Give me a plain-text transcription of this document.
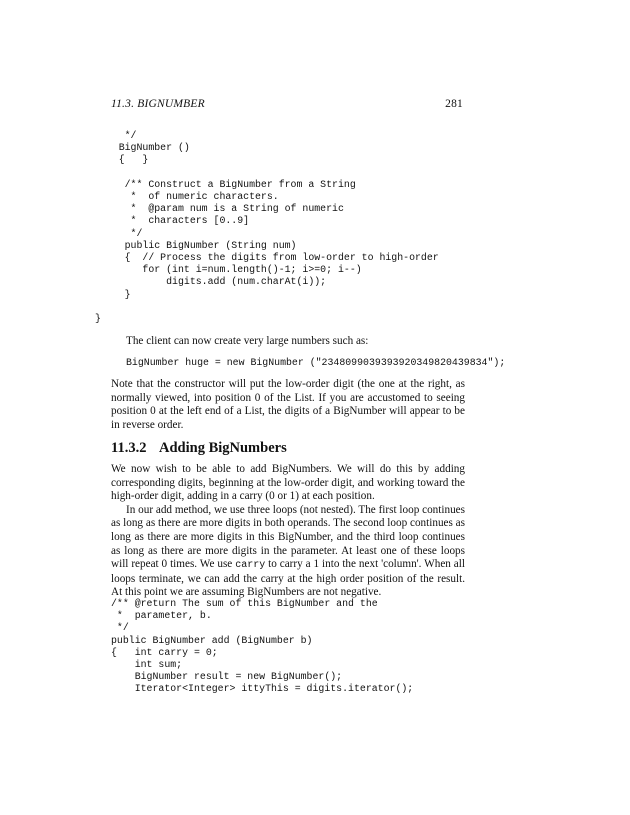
11.3. BIGNUMBER	281
*/
BigNumber ()
{   }

/** Construct a BigNumber from a String
*  of numeric characters.
*  @param num is a String of numeric
*  characters [0..9]
*/
public BigNumber (String num)
{  // Process the digits from low-order to high-order
for (int i=num.length()-1; i>=0; i--)
digits.add (num.charAt(i));
}

}

The client can now create very large numbers such as:

BigNumber huge = new BigNumber ("2348099039393920349820439834");

Note that the constructor will put the low-order digit (the one at the right, as normally viewed, into position 0 of the List. If you are accustomed to seeing position 0 at the left end of a List, the digits of a BigNumber will appear to be in reverse order.

11.3.2 Adding BigNumbers

We now wish to be able to add BigNumbers. We will do this by adding corresponding digits, beginning at the low-order digit, and working toward the high-order digit, adding in a carry (0 or 1) at each position.

In our add method, we use three loops (not nested). The first loop continues as long as there are more digits in both operands. The second loop continues as long as there are more digits in this BigNumber, and the third loop continues as long as there are more digits in the parameter. At least one of these loops will repeat 0 times. We use carry to carry a 1 into the next 'column'. When all loops terminate, we can add the carry at the high order position of the result. At this point we are assuming BigNumbers are not negative.

/** @return The sum of this BigNumber and the
*  parameter, b.
*/
public BigNumber add (BigNumber b)
{   int carry = 0;
int sum;
BigNumber result = new BigNumber();
Iterator<Integer> ittyThis = digits.iterator();
